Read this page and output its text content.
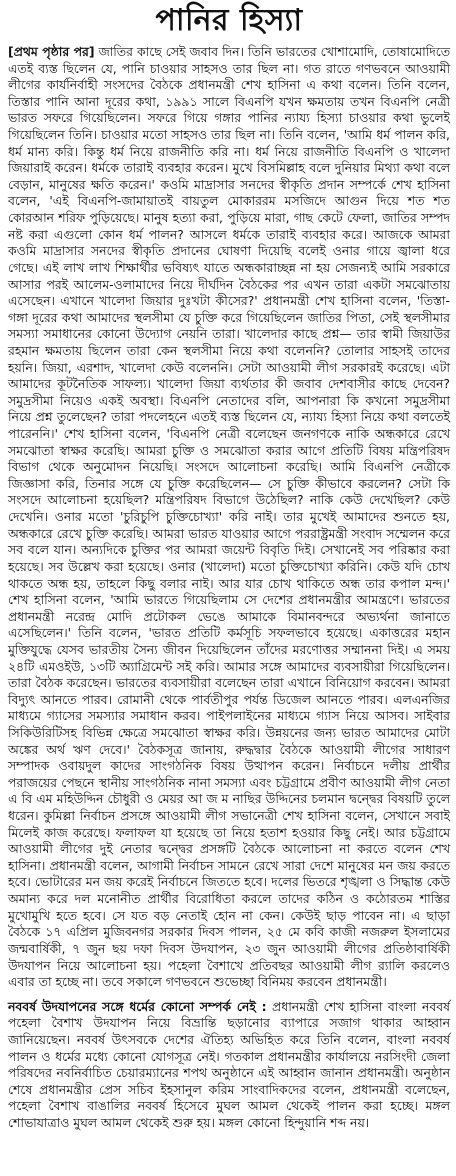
পানির হিস্যা

[প্রথম পৃষ্ঠার পর] জাতির কাছে সেই জবাব দিন। তিনি ভারতের খোশামোদি, তোষামোদিতে এতই ব্যস্ত ছিলেন যে, পানি চাওয়ার সাহসও তার ছিল না। গত রাতে গণভবনে আওয়ামী লীগের কার্যনির্বাহী সংসদের বৈঠকে প্রধানমন্ত্রী শেখ হাসিনা এ কথা বলেন। তিনি বলেন, তিস্তার পানি আনা দূরের কথা, ১৯৯১ সালে বিএনপি যখন ক্ষমতায় তখন বিএনপি নেত্রী ভারত সফরে গিয়েছিলেন। সফরে গিয়ে গঙ্গার পানির ন্যায্য হিস্যা চাওয়ার কথা ভুলেই গিয়েছিলেন তিনি। চাওয়ার মতো সাহসও তার ছিল না। তিনি বলেন, 'আমি ধর্ম পালন করি, ধর্ম মান্য করি। কিন্তু ধর্ম নিয়ে রাজনীতি করি না। ধর্ম নিয়ে রাজনীতি বিএনপি ও খালেদা জিয়ারাই করেন। ধর্মকে তারাই ব্যবহার করেন। মুখে বিসমিল্লাহ বলে দুনিয়ার মিথ্যা কথা বলে বেড়ান, মানুষের ক্ষতি করেন।' কওমি মাদ্রাসার সনদের স্বীকৃতি প্রদান সম্পর্কে শেখ হাসিনা বলেন, 'এই বিএনপি-জামায়াতই বায়তুল মোকাররম মসজিদে আগুন দিয়ে শত শত কোরআন শরিফ পুড়িয়েছে। মানুষ হত্যা করা, পুড়িয়ে মারা, গাছ কেটে ফেলা, জাতির সম্পদ নষ্ট করা এগুলো কোন ধর্ম পালন? আসলে ধর্মকে তারাই ব্যবহার করে। আজকে আমরা কওমি মাদ্রাসার সনদের স্বীকৃতি প্রদানের ঘোষণা দিয়েছি বলেই ওনার গায়ে জ্বালা ধরে গেছে। এই লাখ লাখ শিক্ষার্থীর ভবিষ্যৎ যাতে অন্ধকারাচ্ছন্ন না হয় সেজন্যই আমি সরকারে আসার পরই আলেম-ওলামাদের নিয়ে দীর্ঘদিন বৈঠকের পর এখন তারা একটা সমঝোতায় এসেছেন। এখানে খালেদা জিয়ার দুঃখটা কীসের?' প্রধানমন্ত্রী শেখ হাসিনা বলেন, 'তিস্তা-গঙ্গা দূরের কথা আমাদের স্থলসীমা যে চুক্তি করে গিয়েছিলেন জাতির পিতা, সেই স্থলসীমার সমস্যা সমাধানের কোনো উদ্যোগ নেয়নি তারা। খালেদার কাছে প্রশ্ন— তার স্বামী জিয়াউর রহমান ক্ষমতায় ছিলেন তারা কেন স্থলসীমা নিয়ে কথা বলেননি? তোলার সাহসই তাদের হয়নি। জিয়া, এরশাদ, খালেদা কেউ বলেননি। সেটা আওয়ামী লীগ সরকারই করেছে। এটা আমাদের কূটনৈতিক সাফল্য। খালেদা জিয়া ব্যর্থতার কী জবাব দেশবাসীর কাছে দেবেন? সমুদ্রসীমা নিয়েও একই অবস্থা। বিএনপি নেতাদের বলি, আপনারা কি কখনো সমুদ্রসীমা নিয়ে প্রশ্ন তুলেছেন? তারা পদলেহনে এতই ব্যস্ত ছিলেন যে, ন্যায্য হিস্যা নিয়ে কথা বলতেই পারেননি।' শেখ হাসিনা বলেন, 'বিএনপি নেত্রী বলেছেন জনগণকে নাকি অন্ধকারে রেখে সমঝোতা স্বাক্ষর করেছি। আমরা চুক্তি ও সমঝোতা করার আগে প্রতিটি বিষয় মন্ত্রিপরিষদ বিভাগ থেকে অনুমোদন নিয়েছি। সংসদে আলোচনা করেছি। আমি বিএনপি নেত্রীকে জিজ্ঞাসা করি, তিনার সঙ্গে যে চুক্তি করেছিলেন— সে চুক্তি কীভাবে করলেন? সেটা কি সংসদে আলোচনা হয়েছিল? মন্ত্রিপরিষদ বিভাগে উঠেছিল? নাকি কেউ দেখেছিল? কেউ দেখেনি। ওনার মতো 'চুরিচুপি চুক্তিচোখ্যা' করি নাই। তার মুখেই আমাদের শুনতে হয়, অন্ধকারে রেখে চুক্তি করেছি। আমরা ভারত যাওয়ার আগে পররাষ্ট্রমন্ত্রী সংবাদ সম্মেলন করে সব বলে যান। অন্যদিকে চুক্তির পর আমরা জয়েন্ট বিবৃতি দিই। সেখানেই সব পরিষ্কার করা হয়েছে। সব উল্লেখ করা হয়েছে। ওনার (খালেদা) মতো চুক্তিচোখ্যা করিনি। কেউ যদি চোখ থাকতে অন্ধ হয়, তাহলে কিছু বলার নাই। আর যার চোখ থাকিতে অন্ধ তার কপাল মন্দ।' শেখ হাসিনা বলেন, 'আমি ভারতে গিয়েছিলাম সে দেশের প্রধানমন্ত্রীর আমন্ত্রণে। ভারতের প্রধানমন্ত্রী নরেন্দ্র মোদি প্রটোকল ভেঙে আমাকে বিমানবন্দরে অভ্যর্থনা জানাতে এসেছিলেন।' তিনি বলেন, 'ভারত প্রতিটি কর্মসূচি সফলভাবে হয়েছে। একাত্তরের মহান মুক্তিযুদ্ধে যেসব ভারতীয় সৈন্য জীবন দিয়েছিলেন তাঁদের মরণোত্তর সম্মাননা দিই। এ সময় ২৪টি এমওইউ, ১৩টি অ্যাগ্রিমেন্ট সই করি। আমার সঙ্গে আমাদের ব্যবসায়ীরা গিয়েছিলেন। তারা বৈঠক করেছেন। ভারতের ব্যবসায়ীরা বলেছেন তারা এখানে বিনিয়োগ করবেন। আমরা বিদ্যুৎ আনতে পারব। রোমানী থেকে পার্বতীপুর পর্যন্ত ডিজেল আনতে পারব। এলএনজির মাধ্যমে গ্যাসের সমস্যার সমাধান করব। পাইপলাইনের মাধ্যমে গ্যাস নিয়ে আসব। সাইবার সিকিউরিটিসহ বিভিন্ন ক্ষেত্রে সমঝোতা স্বাক্ষর করি। উন্নয়নের জন্য ভারত আমাদের মোটা অঙ্কের অর্থ ঋণ দেবে।' বৈঠকসূত্র জানায়, রুদ্ধদ্বার বৈঠকে আওয়ামী লীগের সাধারণ সম্পাদক ওবায়দুল কাদের সাংগঠনিক বিষয় উত্থাপন করেন। নির্বাচনে দলীয় প্রার্থীর পরাজয়ের পেছনে স্থানীয় সাংগঠনিক নানা সমস্যা এবং চট্টগ্রামে প্রবীণ আওয়ামী লীগ নেতা এ বি এম মহিউদ্দিন চৌধুরী ও মেয়র আ জ ম নাছির উদ্দিনের চলমান দ্বন্দ্বের বিষয়টি তুলে ধরেন। কুমিল্লা নির্বাচন প্রসঙ্গে আওয়ামী লীগ সভানেত্রী শেখ হাসিনা বলেন, সেখানে সবাই মিলেই কাজ করেছে। ফলাফল যা হয়েছে তা নিয়ে হতাশ হওয়ার কিছু নেই। আর চট্টগ্রামে আওয়ামী লীগের দুই নেতার দ্বন্দ্বের প্রসঙ্গটি বৈঠকে আলোচনা না করতে বলেন শেখ হাসিনা। প্রধানমন্ত্রী বলেন, আগামী নির্বাচন সামনে রেখে সারা দেশে মানুষের মন জয় করতে হবে। ভোটারের মন জয় করেই নির্বাচনে জিততে হবে। দলের ভিতরে শৃঙ্খলা ও সিদ্ধান্ত কেউ অমান্য করে দল মনোনীত প্রার্থীর বিরোধিতা করলে তাদের কঠিন ও কঠোরতম শাস্তির মুখোমুখি হতে হবে। সে যত বড় নেতাই হোন না কেন। কেউই ছাড় পাবেন না। এ ছাড়া বৈঠকে ১৭ এপ্রিল মুজিবনগর সরকার দিবস পালন, ২৫ মে কবি কাজী নজরুল ইসলামের জন্মবার্ষিকী, ৭ জুন ছয় দফা দিবস উদযাপন, ২৩ জুন আওয়ামী লীগের প্রতিষ্ঠাবার্ষিকী উদযাপন নিয়ে আলোচনা হয়। পহেলা বৈশাখে প্রতিবছর আওয়ামী লীগ র‌্যালি করলেও এবার তা হচ্ছে না। তবে সকালে গণভবনে শুভেচ্ছা বিনিময় করবেন প্রধানমন্ত্রী।

নববর্ষ উদযাপনের সঙ্গে ধর্মের কোনো সম্পর্ক নেই : প্রধানমন্ত্রী শেখ হাসিনা বাংলা নববর্ষ পহেলা বৈশাখ উদযাপন নিয়ে বিভ্রান্তি ছড়ানোর ব্যাপারে সজাগ থাকার আহ্বান জানিয়েছেন। নববর্ষ উৎসবকে দেশের ঐতিহ্য অভিহিত করে তিনি বলেন, বাংলা নববর্ষ পালন ও ধর্মের মধ্যে কোনো যোগসূত্র নেই। গতকাল প্রধানমন্ত্রীর কার্যালয়ে নরসিংদী জেলা পরিষদের নবনির্বাচিত চেয়ারম্যানের শপথ অনুষ্ঠানে এই আহ্বান জানান প্রধানমন্ত্রী। অনুষ্ঠান শেষে প্রধানমন্ত্রীর প্রেস সচিব ইহসানুল করিম সাংবাদিকদের বলেন, প্রধানমন্ত্রী বলেছেন, পহেলা বৈশাখ বাঙালির নববর্ষ হিসেবে মুঘল আমল থেকেই পালন করা হচ্ছে। মঙ্গল শোভাযাত্রাও মুঘল আমল থেকেই শুরু হয়। মঙ্গল কোনো হিন্দুয়ানি শব্দ নয়।
